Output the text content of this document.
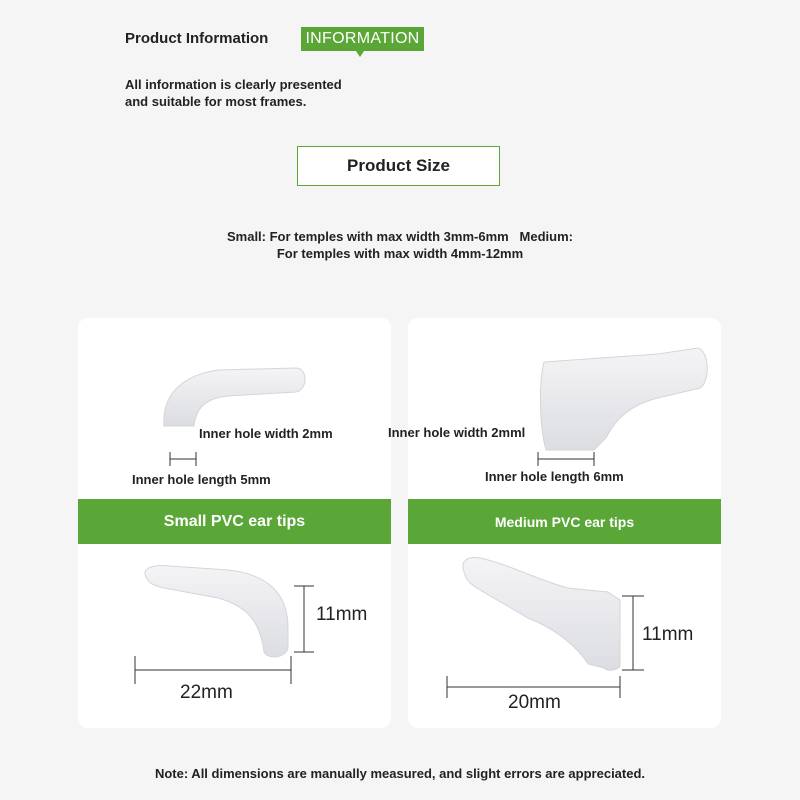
Product Information INFORMATION
All information is clearly presented
and suitable for most frames.
Product Size
Small: For temples with max width 3mm-6mm   Medium:
For temples with max width 4mm-12mm
Inner hole width 2mm
Inner hole length 5mm
Small PVC ear tips
11mm
22mm
Inner hole width 2mml
Inner hole length 6mm
Medium PVC ear tips
11mm
20mm
Note: All dimensions are manually measured, and slight errors are appreciated.
